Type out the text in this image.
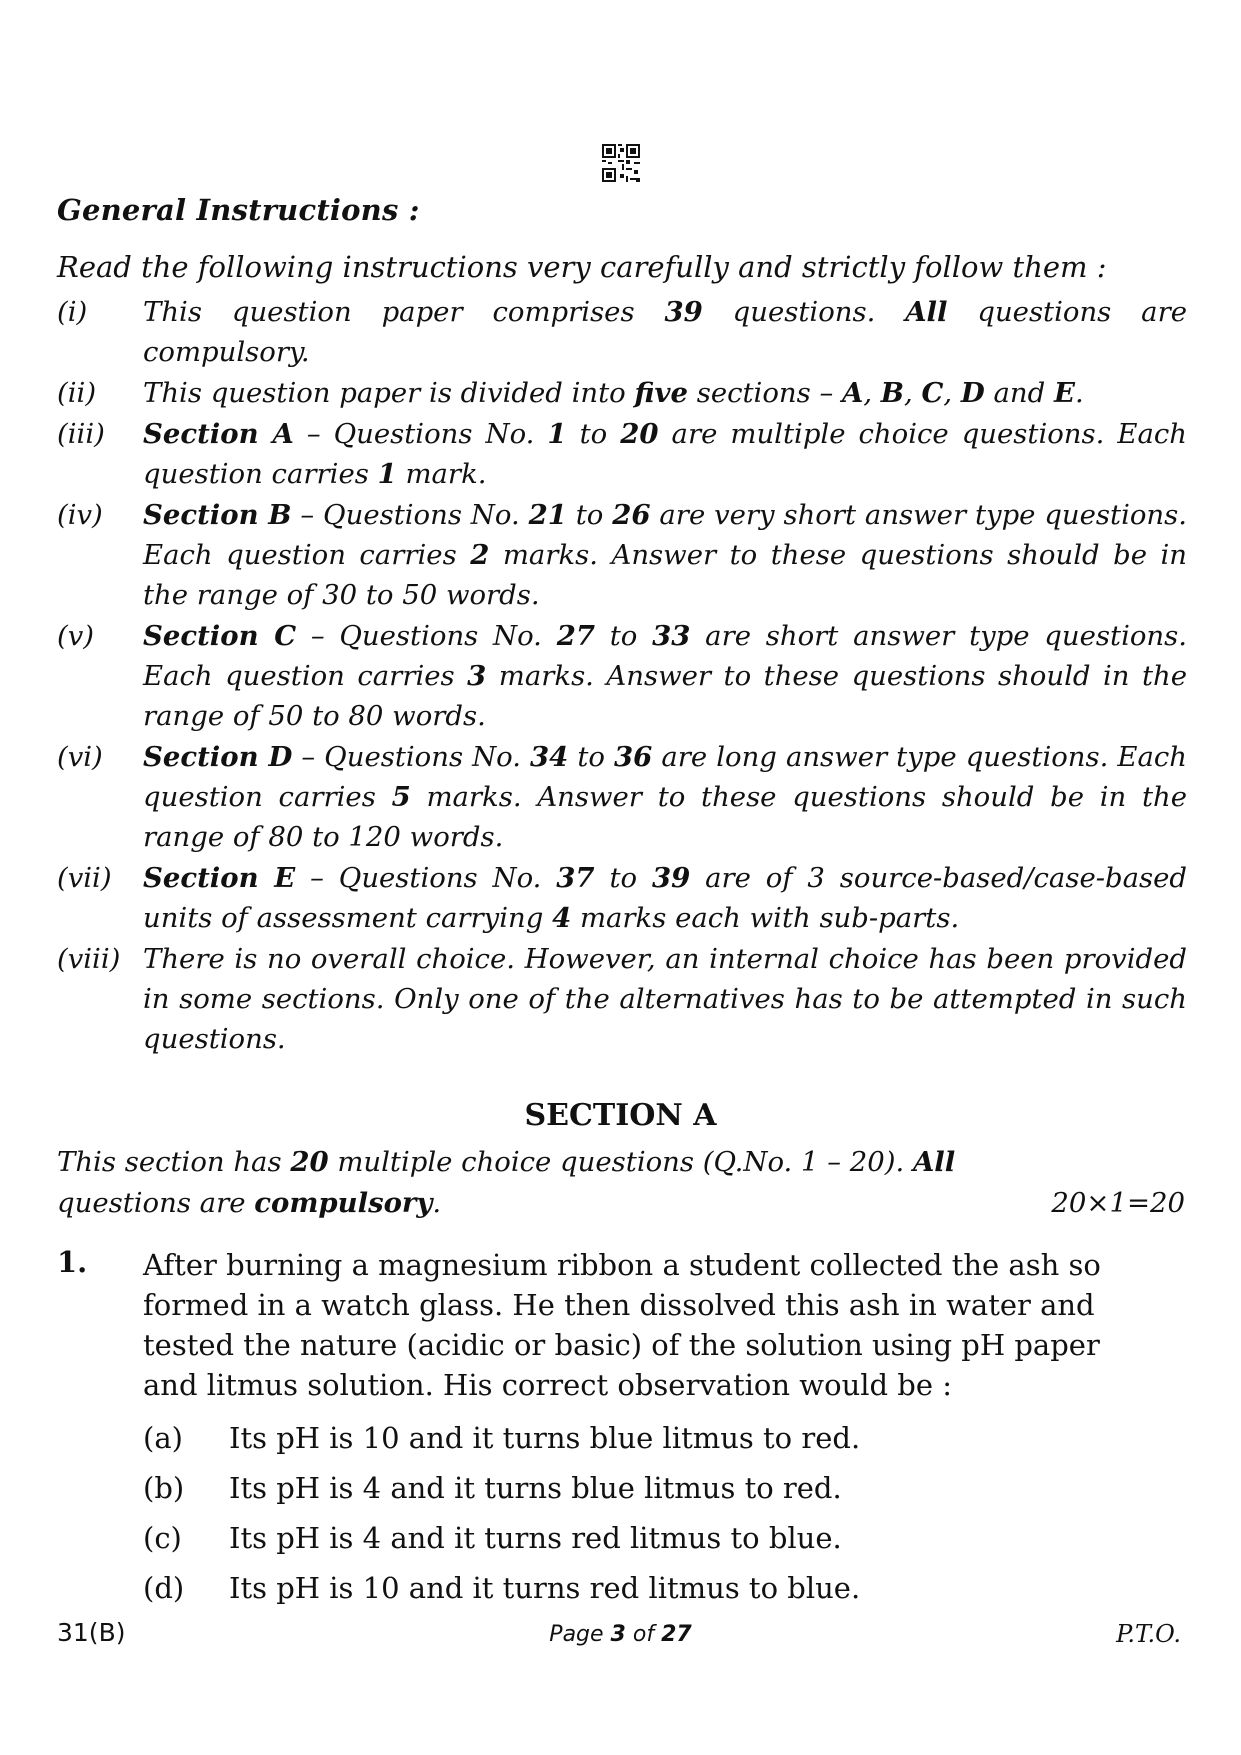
General Instructions :
Read the following instructions very carefully and strictly follow them :
(i) This question paper comprises 39 questions. All questions are compulsory.
(ii) This question paper is divided into five sections – A, B, C, D and E.
(iii) Section A – Questions No. 1 to 20 are multiple choice questions. Each question carries 1 mark.
(iv) Section B – Questions No. 21 to 26 are very short answer type questions. Each question carries 2 marks. Answer to these questions should be in the range of 30 to 50 words.
(v) Section C – Questions No. 27 to 33 are short answer type questions. Each question carries 3 marks. Answer to these questions should in the range of 50 to 80 words.
(vi) Section D – Questions No. 34 to 36 are long answer type questions. Each question carries 5 marks. Answer to these questions should be in the range of 80 to 120 words.
(vii) Section E – Questions No. 37 to 39 are of 3 source-based/case-based units of assessment carrying 4 marks each with sub-parts.
(viii) There is no overall choice. However, an internal choice has been provided in some sections. Only one of the alternatives has to be attempted in such questions.
SECTION A
This section has 20 multiple choice questions (Q.No. 1 – 20). All
questions are compulsory.	20×1=20
1. After burning a magnesium ribbon a student collected the ash so formed in a watch glass. He then dissolved this ash in water and tested the nature (acidic or basic) of the solution using pH paper and litmus solution. His correct observation would be :
(a)	Its pH is 10 and it turns blue litmus to red.
(b)	Its pH is 4 and it turns blue litmus to red.
(c)	Its pH is 4 and it turns red litmus to blue.
(d)	Its pH is 10 and it turns red litmus to blue.
31(B)	Page 3 of 27	P.T.O.
